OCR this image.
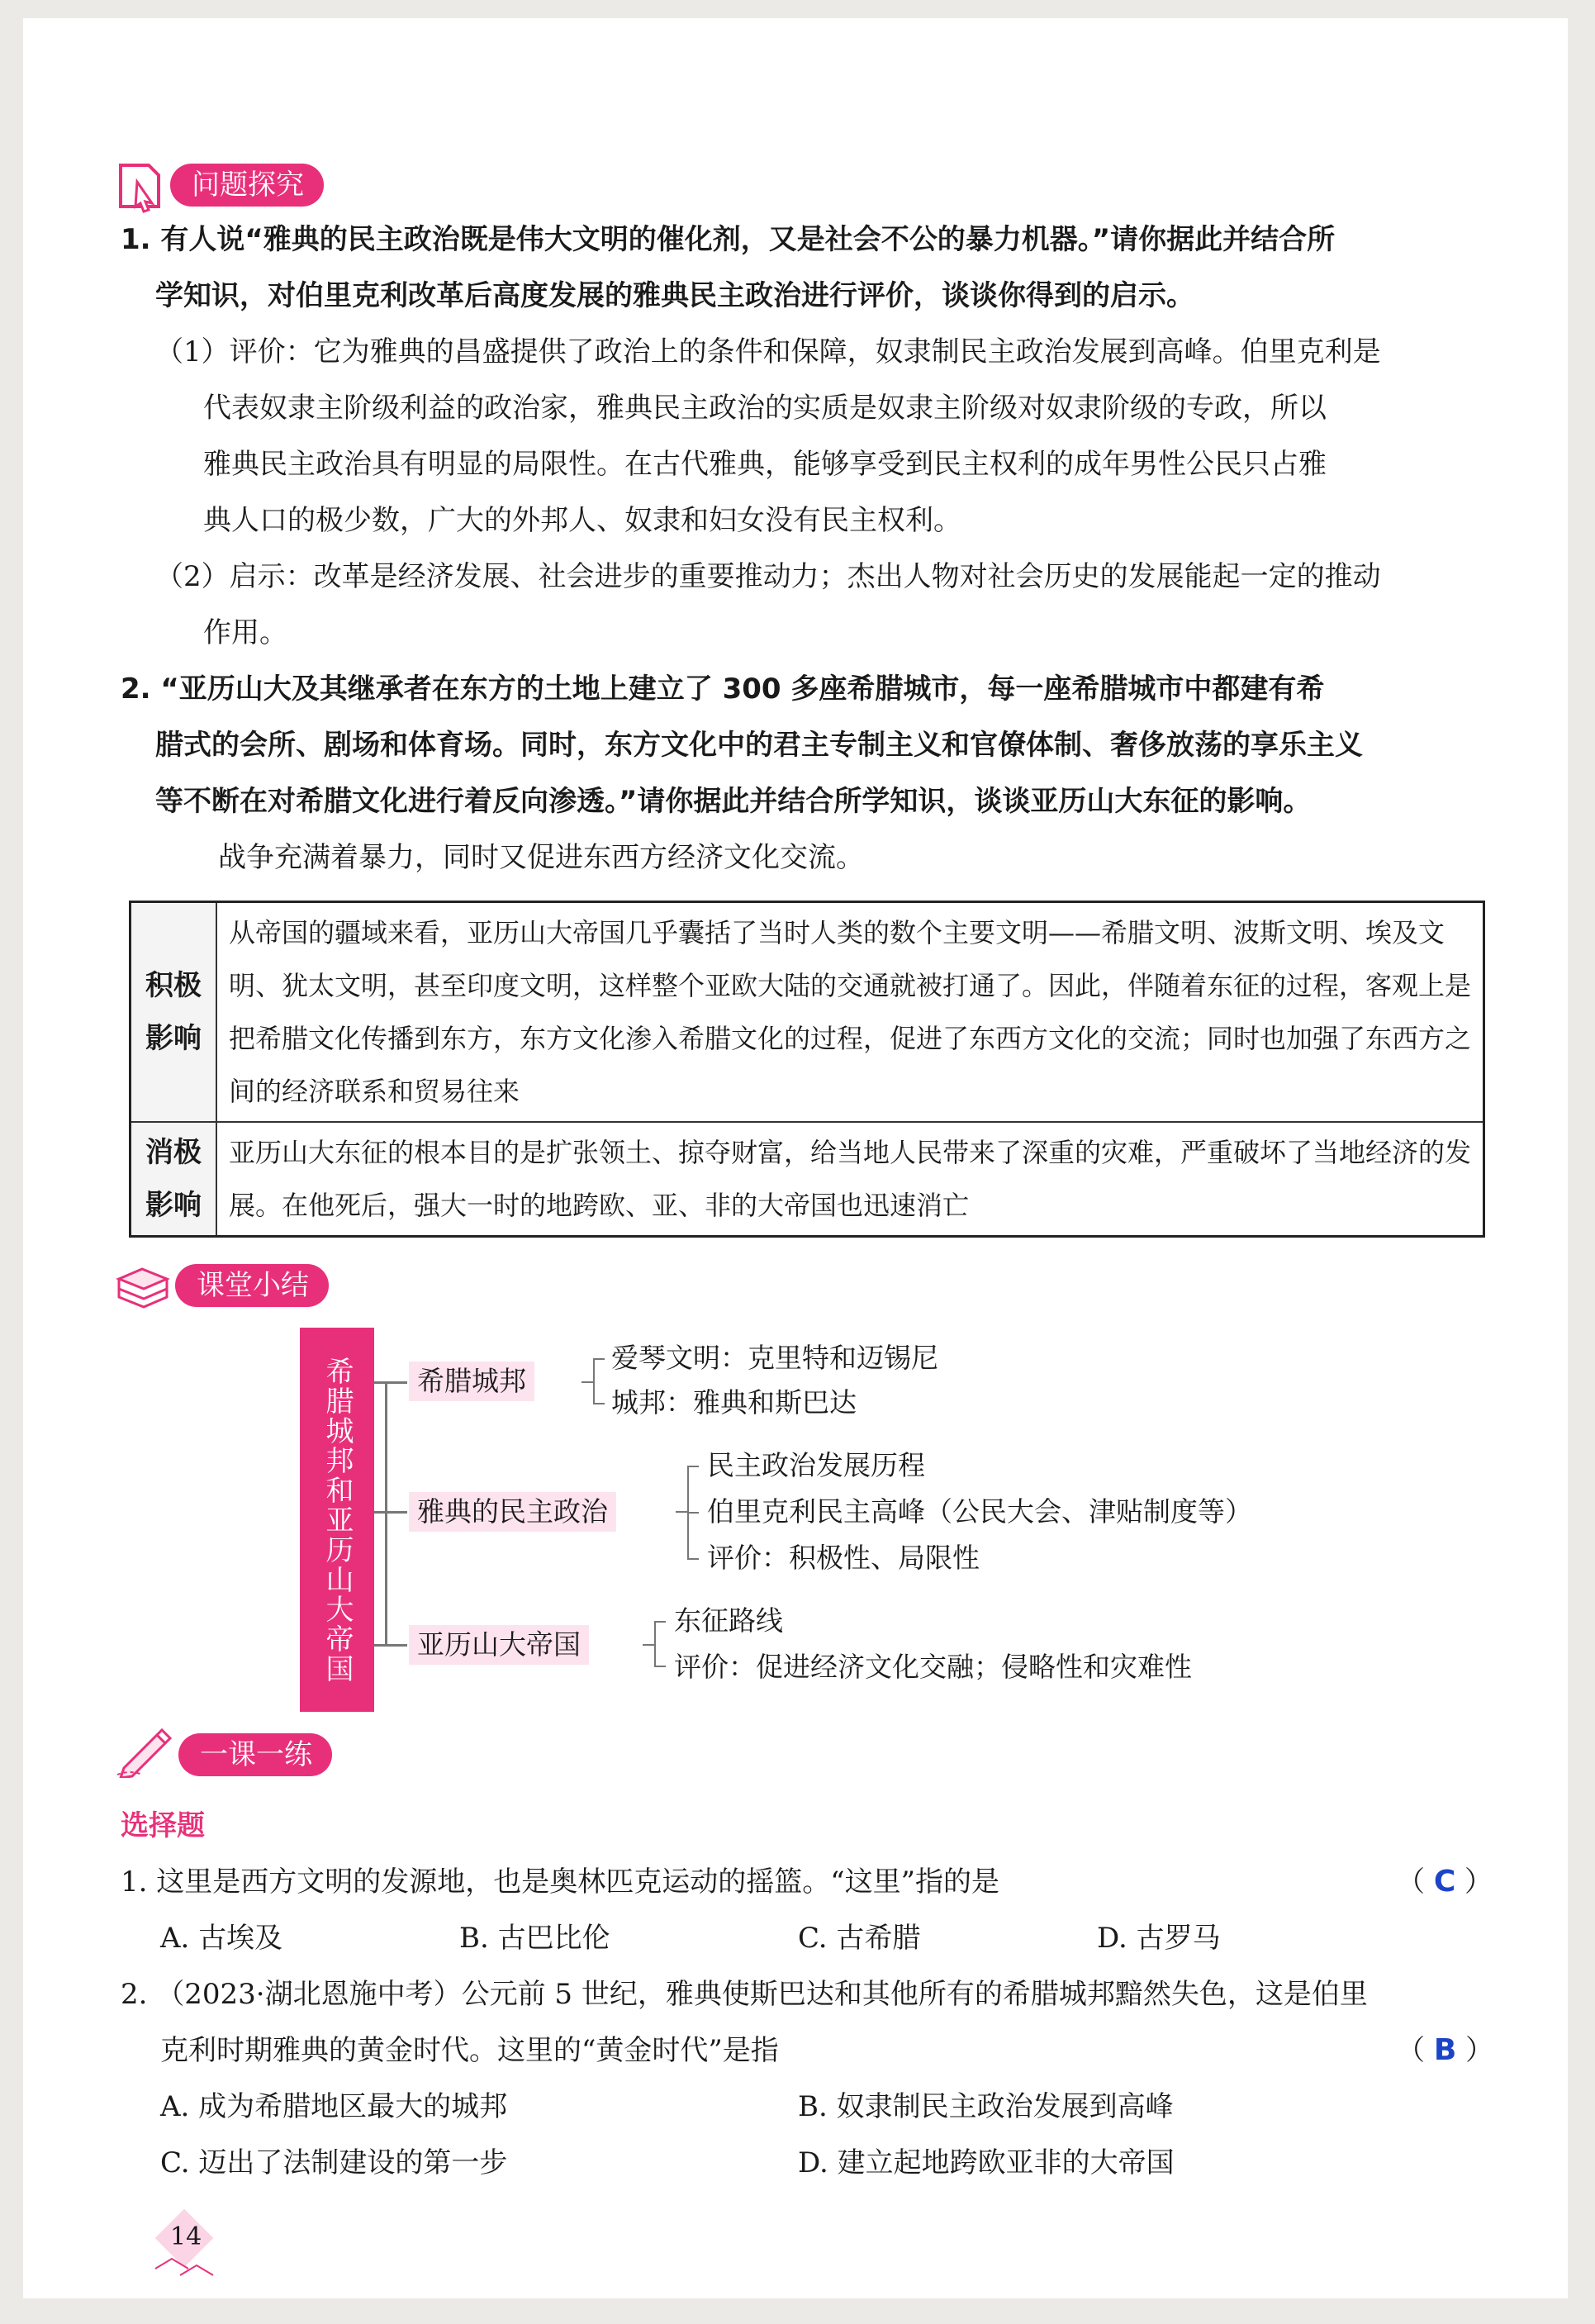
问题探究
1. 有人说“雅典的民主政治既是伟大文明的催化剂，又是社会不公的暴力机器。”请你据此并结合所
学知识，对伯里克利改革后高度发展的雅典民主政治进行评价，谈谈你得到的启示。
（1）评价：它为雅典的昌盛提供了政治上的条件和保障，奴隶制民主政治发展到高峰。伯里克利是
代表奴隶主阶级利益的政治家，雅典民主政治的实质是奴隶主阶级对奴隶阶级的专政，所以
雅典民主政治具有明显的局限性。在古代雅典，能够享受到民主权利的成年男性公民只占雅
典人口的极少数，广大的外邦人、奴隶和妇女没有民主权利。
（2）启示：改革是经济发展、社会进步的重要推动力；杰出人物对社会历史的发展能起一定的推动
作用。
2. “亚历山大及其继承者在东方的土地上建立了 300 多座希腊城市，每一座希腊城市中都建有希
腊式的会所、剧场和体育场。同时，东方文化中的君主专制主义和官僚体制、奢侈放荡的享乐主义
等不断在对希腊文化进行着反向渗透。”请你据此并结合所学知识，谈谈亚历山大东征的影响。
战争充满着暴力，同时又促进东西方经济文化交流。
积极影响	从帝国的疆域来看，亚历山大帝国几乎囊括了当时人类的数个主要文明——希腊文明、波斯文明、埃及文明、犹太文明，甚至印度文明，这样整个亚欧大陆的交通就被打通了。因此，伴随着东征的过程，客观上是把希腊文化传播到东方，东方文化渗入希腊文化的过程，促进了东西方文化的交流；同时也加强了东西方之间的经济联系和贸易往来
消极影响	亚历山大东征的根本目的是扩张领土、掠夺财富，给当地人民带来了深重的灾难，严重破坏了当地经济的发展。在他死后，强大一时的地跨欧、亚、非的大帝国也迅速消亡
课堂小结
希腊城邦和亚历山大帝国	希腊城邦
爱琴文明：克里特和迈锡尼
城邦：雅典和斯巴达
雅典的民主政治
民主政治发展历程
伯里克利民主高峰（公民大会、津贴制度等）
评价：积极性、局限性
亚历山大帝国
东征路线
评价：促进经济文化交融；侵略性和灾难性
一课一练
选择题
1. 这里是西方文明的发源地，也是奥林匹克运动的摇篮。“这里”指的是	（ C ）
A. 古埃及	B. 古巴比伦	C. 古希腊	D. 古罗马
2. （2023·湖北恩施中考）公元前 5 世纪，雅典使斯巴达和其他所有的希腊城邦黯然失色，这是伯里
克利时期雅典的黄金时代。这里的“黄金时代”是指	（ B ）
A. 成为希腊地区最大的城邦	B. 奴隶制民主政治发展到高峰
C. 迈出了法制建设的第一步	D. 建立起地跨欧亚非的大帝国
14
